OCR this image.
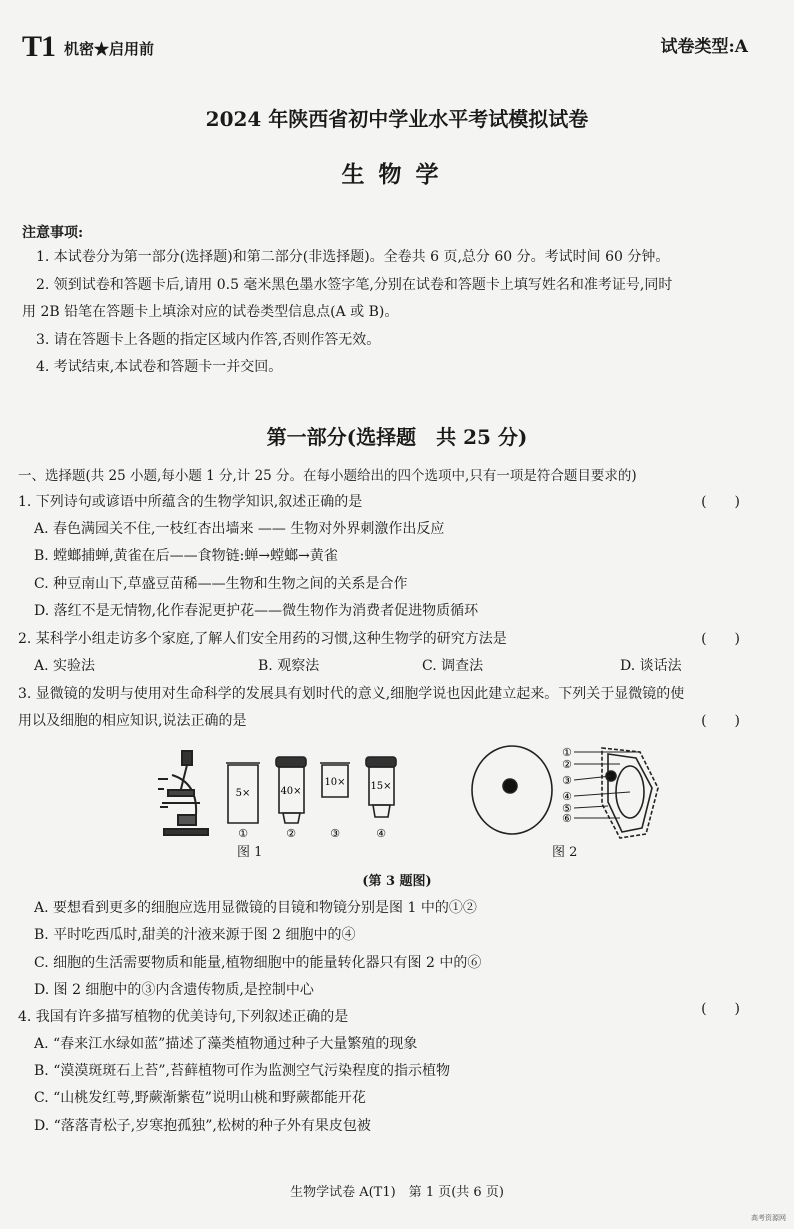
T1 机密★启用前	试卷类型:A
2024 年陕西省初中学业水平考试模拟试卷
生物学
注意事项:
1. 本试卷分为第一部分(选择题)和第二部分(非选择题)。全卷共 6 页,总分 60 分。考试时间 60 分钟。
2. 领到试卷和答题卡后,请用 0.5 毫米黑色墨水签字笔,分别在试卷和答题卡上填写姓名和准考证号,同时
用 2B 铅笔在答题卡上填涂对应的试卷类型信息点(A 或 B)。
3. 请在答题卡上各题的指定区域内作答,否则作答无效。
4. 考试结束,本试卷和答题卡一并交回。
第一部分(选择题　共 25 分)
一、选择题(共 25 小题,每小题 1 分,计 25 分。在每小题给出的四个选项中,只有一项是符合题目要求的)
1. 下列诗句或谚语中所蕴含的生物学知识,叙述正确的是	(　　)
A. 春色满园关不住,一枝红杏出墙来 —— 生物对外界刺激作出反应
B. 螳螂捕蝉,黄雀在后——食物链:蝉→螳螂→黄雀
C. 种豆南山下,草盛豆苗稀——生物和生物之间的关系是合作
D. 落红不是无情物,化作春泥更护花——微生物作为消费者促进物质循环
2. 某科学小组走访多个家庭,了解人们安全用药的习惯,这种生物学的研究方法是	(　　)
A. 实验法	B. 观察法	C. 调查法	D. 谈话法
3. 显微镜的发明与使用对生命科学的发展具有划时代的意义,细胞学说也因此建立起来。下列关于显微镜的使
用以及细胞的相应知识,说法正确的是	(　　)
5×	40×
10× 15×
①	②	③	④
图 1
①
②
③
④
⑤
⑥
图 2
(第 3 题图)
A. 要想看到更多的细胞应选用显微镜的目镜和物镜分别是图 1 中的①②
B. 平时吃西瓜时,甜美的汁液来源于图 2 细胞中的④
C. 细胞的生活需要物质和能量,植物细胞中的能量转化器只有图 2 中的⑥
D. 图 2 细胞中的③内含遗传物质,是控制中心
4. 我国有许多描写植物的优美诗句,下列叙述正确的是	(　　)
A. “春来江水绿如蓝”描述了藻类植物通过种子大量繁殖的现象
B. “漠漠斑斑石上苔”,苔藓植物可作为监测空气污染程度的指示植物
C. “山桃发红萼,野蕨渐紫苞”说明山桃和野蕨都能开花
D. “落落青松子,岁寒抱孤独”,松树的种子外有果皮包被
生物学试卷 A(T1)　第 1 页(共 6 页)
高考资源网
